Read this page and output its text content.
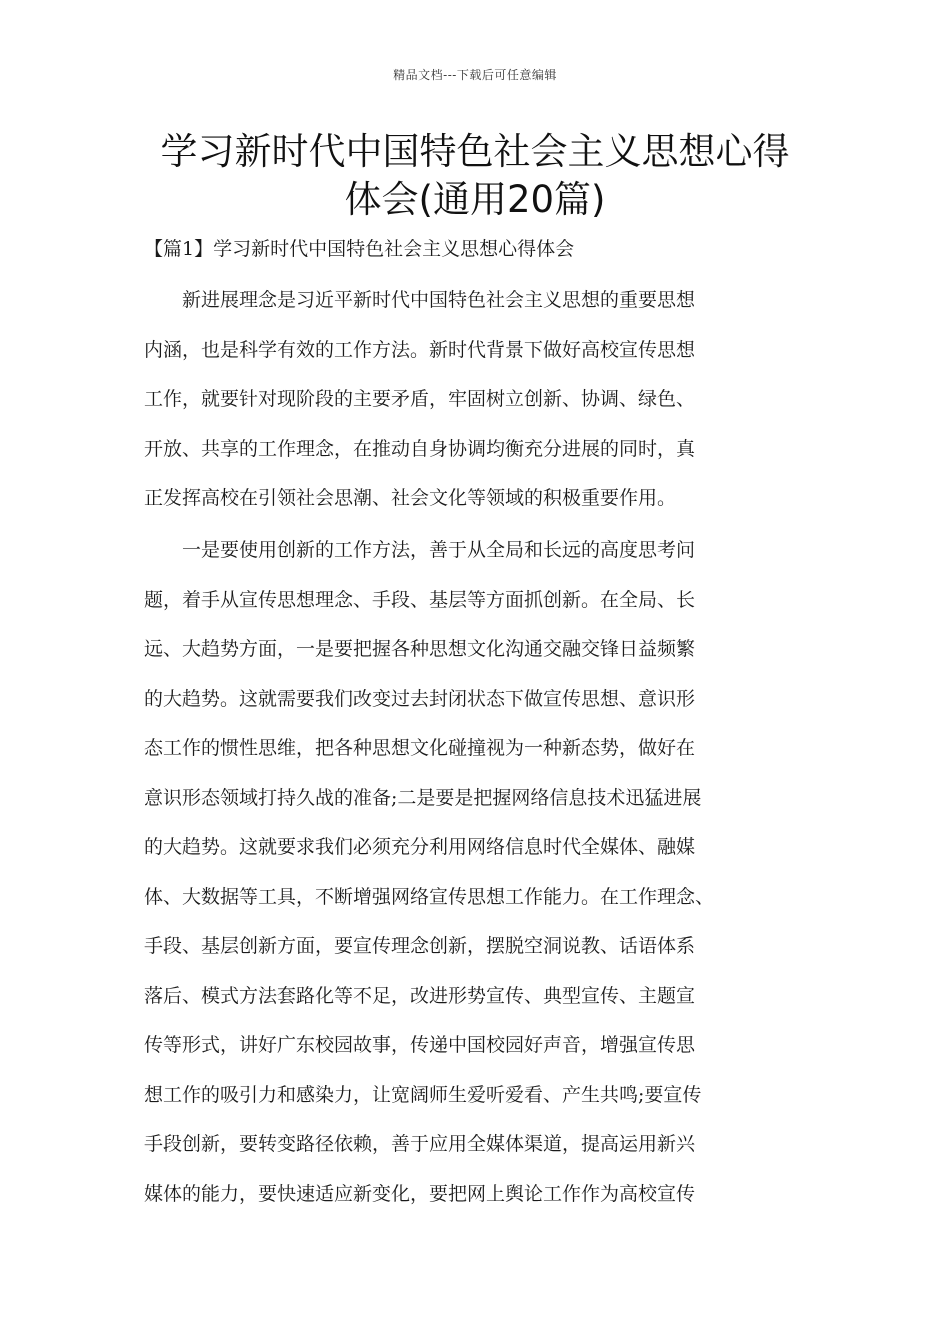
精品文档---下载后可任意编辑
学习新时代中国特色社会主义思想心得
体会(通用20篇)
【篇1】学习新时代中国特色社会主义思想心得体会
　　新进展理念是习近平新时代中国特色社会主义思想的重要思想
内涵，也是科学有效的工作方法。新时代背景下做好高校宣传思想
工作，就要针对现阶段的主要矛盾，牢固树立创新、协调、绿色、
开放、共享的工作理念，在推动自身协调均衡充分进展的同时，真
正发挥高校在引领社会思潮、社会文化等领域的积极重要作用。
　　一是要使用创新的工作方法，善于从全局和长远的高度思考问
题，着手从宣传思想理念、手段、基层等方面抓创新。在全局、长
远、大趋势方面，一是要把握各种思想文化沟通交融交锋日益频繁
的大趋势。这就需要我们改变过去封闭状态下做宣传思想、意识形
态工作的惯性思维，把各种思想文化碰撞视为一种新态势，做好在
意识形态领域打持久战的准备;二是要是把握网络信息技术迅猛进展
的大趋势。这就要求我们必须充分利用网络信息时代全媒体、融媒
体、大数据等工具，不断增强网络宣传思想工作能力。在工作理念、
手段、基层创新方面，要宣传理念创新，摆脱空洞说教、话语体系
落后、模式方法套路化等不足，改进形势宣传、典型宣传、主题宣
传等形式，讲好广东校园故事，传递中国校园好声音，增强宣传思
想工作的吸引力和感染力，让宽阔师生爱听爱看、产生共鸣;要宣传
手段创新，要转变路径依赖，善于应用全媒体渠道，提高运用新兴
媒体的能力，要快速适应新变化，要把网上舆论工作作为高校宣传
